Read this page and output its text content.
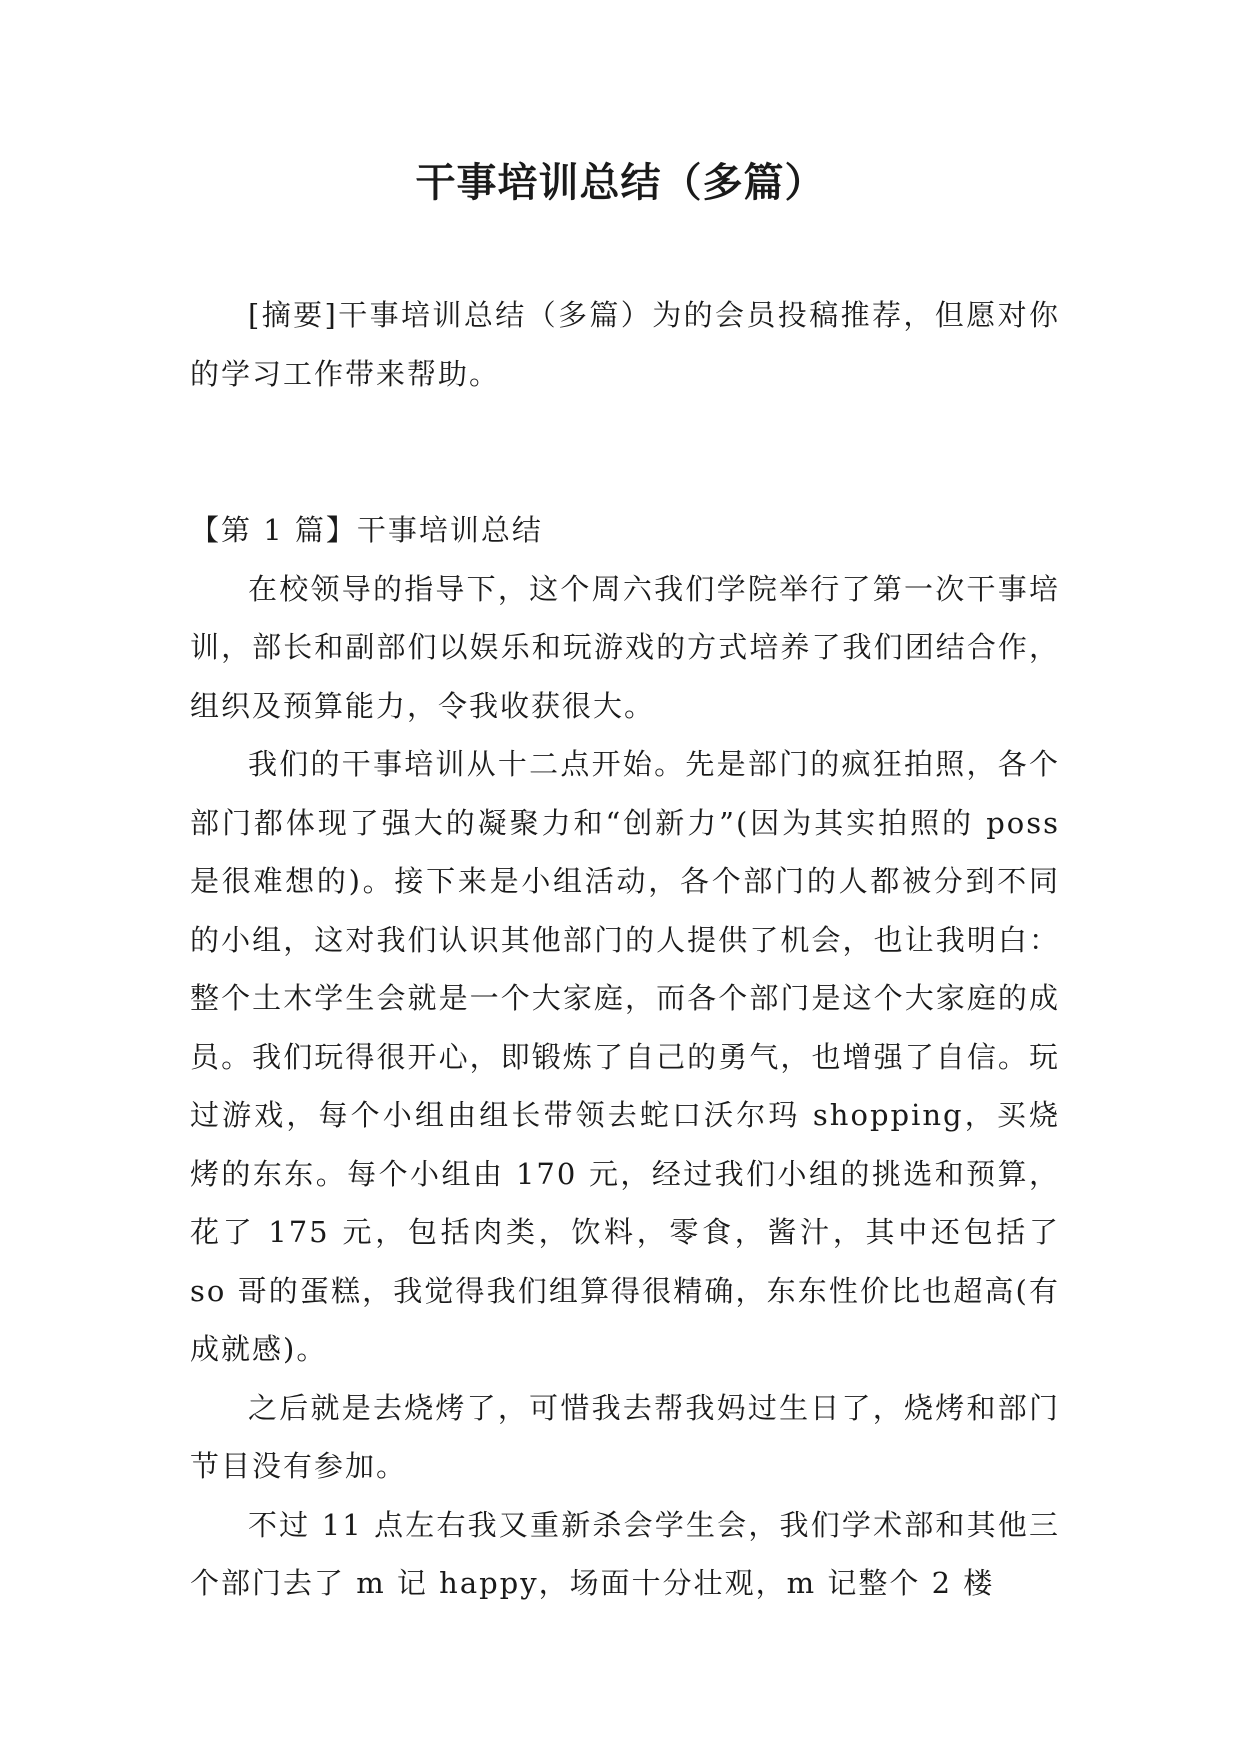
干事培训总结（多篇）

[摘要]干事培训总结（多篇）为的会员投稿推荐，但愿对你的学习工作带来帮助。

【第 1 篇】干事培训总结

在校领导的指导下，这个周六我们学院举行了第一次干事培训，部长和副部们以娱乐和玩游戏的方式培养了我们团结合作，组织及预算能力，令我收获很大。

我们的干事培训从十二点开始。先是部门的疯狂拍照，各个部门都体现了强大的凝聚力和“创新力”(因为其实拍照的 poss 是很难想的)。接下来是小组活动，各个部门的人都被分到不同的小组，这对我们认识其他部门的人提供了机会，也让我明白：整个土木学生会就是一个大家庭，而各个部门是这个大家庭的成员。我们玩得很开心，即锻炼了自己的勇气，也增强了自信。玩过游戏，每个小组由组长带领去蛇口沃尔玛 shopping，买烧烤的东东。每个小组由 170 元，经过我们小组的挑选和预算，花了 175 元，包括肉类，饮料，零食，酱汁，其中还包括了 so 哥的蛋糕，我觉得我们组算得很精确，东东性价比也超高(有成就感)。

之后就是去烧烤了，可惜我去帮我妈过生日了，烧烤和部门节目没有参加。

不过 11 点左右我又重新杀会学生会，我们学术部和其他三个部门去了 m 记 happy，场面十分壮观，m 记整个 2 楼
